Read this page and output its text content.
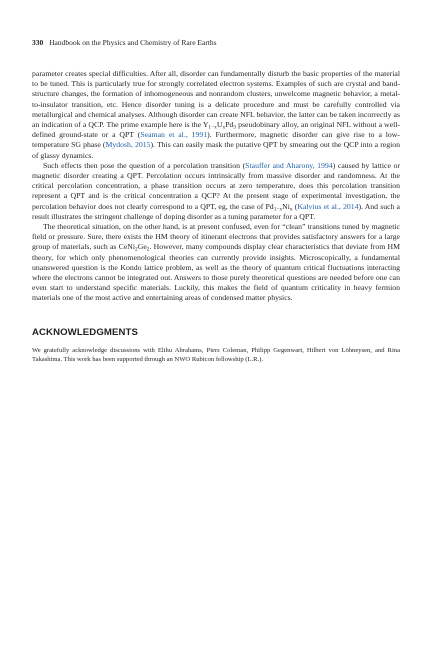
330 Handbook on the Physics and Chemistry of Rare Earths

parameter creates special difficulties. After all, disorder can fundamentally disturb the basic properties of the material to be tuned. This is particularly true for strongly correlated electron systems. Examples of such are crystal and band-structure changes, the formation of inhomogeneous and nonrandom clusters, unwelcome magnetic behavior, a metal-to-insulator transition, etc. Hence disorder tuning is a delicate procedure and must be carefully controlled via metallurgical and chemical analyses. Although disorder can create NFL behavior, the latter can be taken incorrectly as an indication of a QCP. The prime example here is the $Y_{1-x}U_xPd_3$ pseudobinary alloy, an original NFL without a well-defined ground-state or a QPT (Seaman et al., 1991). Furthermore, magnetic disorder can give rise to a low-temperature SG phase (Mydosh, 2015). This can easily mask the putative QPT by smearing out the QCP into a region of glassy dynamics.

Such effects then pose the question of a percolation transition (Stauffer and Aharony, 1994) caused by lattice or magnetic disorder creating a QPT. Percolation occurs intrinsically from massive disorder and randomness. At the critical percolation concentration, a phase transition occurs at zero temperature, does this percolation transition represent a QPT and is the critical concentration a QCP? At the present stage of experimental investigation, the percolation behavior does not clearly correspond to a QPT, eg, the case of $Pd_{1-x}Ni_x$ (Kalvius et al., 2014). And such a result illustrates the stringent challenge of doping disorder as a tuning parameter for a QPT.

The theoretical situation, on the other hand, is at present confused, even for “clean” transitions tuned by magnetic field or pressure. Sure, there exists the HM theory of itinerant electrons that provides satisfactory answers for a large group of materials, such as $CeNi_2Ge_2$. However, many compounds display clear characteristics that deviate from HM theory, for which only phenomenological theories can currently provide insights. Microscopically, a fundamental unanswered question is the Kondo lattice problem, as well as the theory of quantum critical fluctuations interacting where the electrons cannot be integrated out. Answers to those purely theoretical questions are needed before one can even start to understand specific materials. Luckily, this makes the field of quantum criticality in heavy fermion materials one of the most active and entertaining areas of condensed matter physics.

ACKNOWLEDGMENTS

We gratefully acknowledge discussions with Elihu Abrahams, Piers Coleman, Philipp Gegenwart, Hilbert von Löhneysen, and Rina Takashima. This work has been supported through an NWO Rubicon fellowship (L.R.).
